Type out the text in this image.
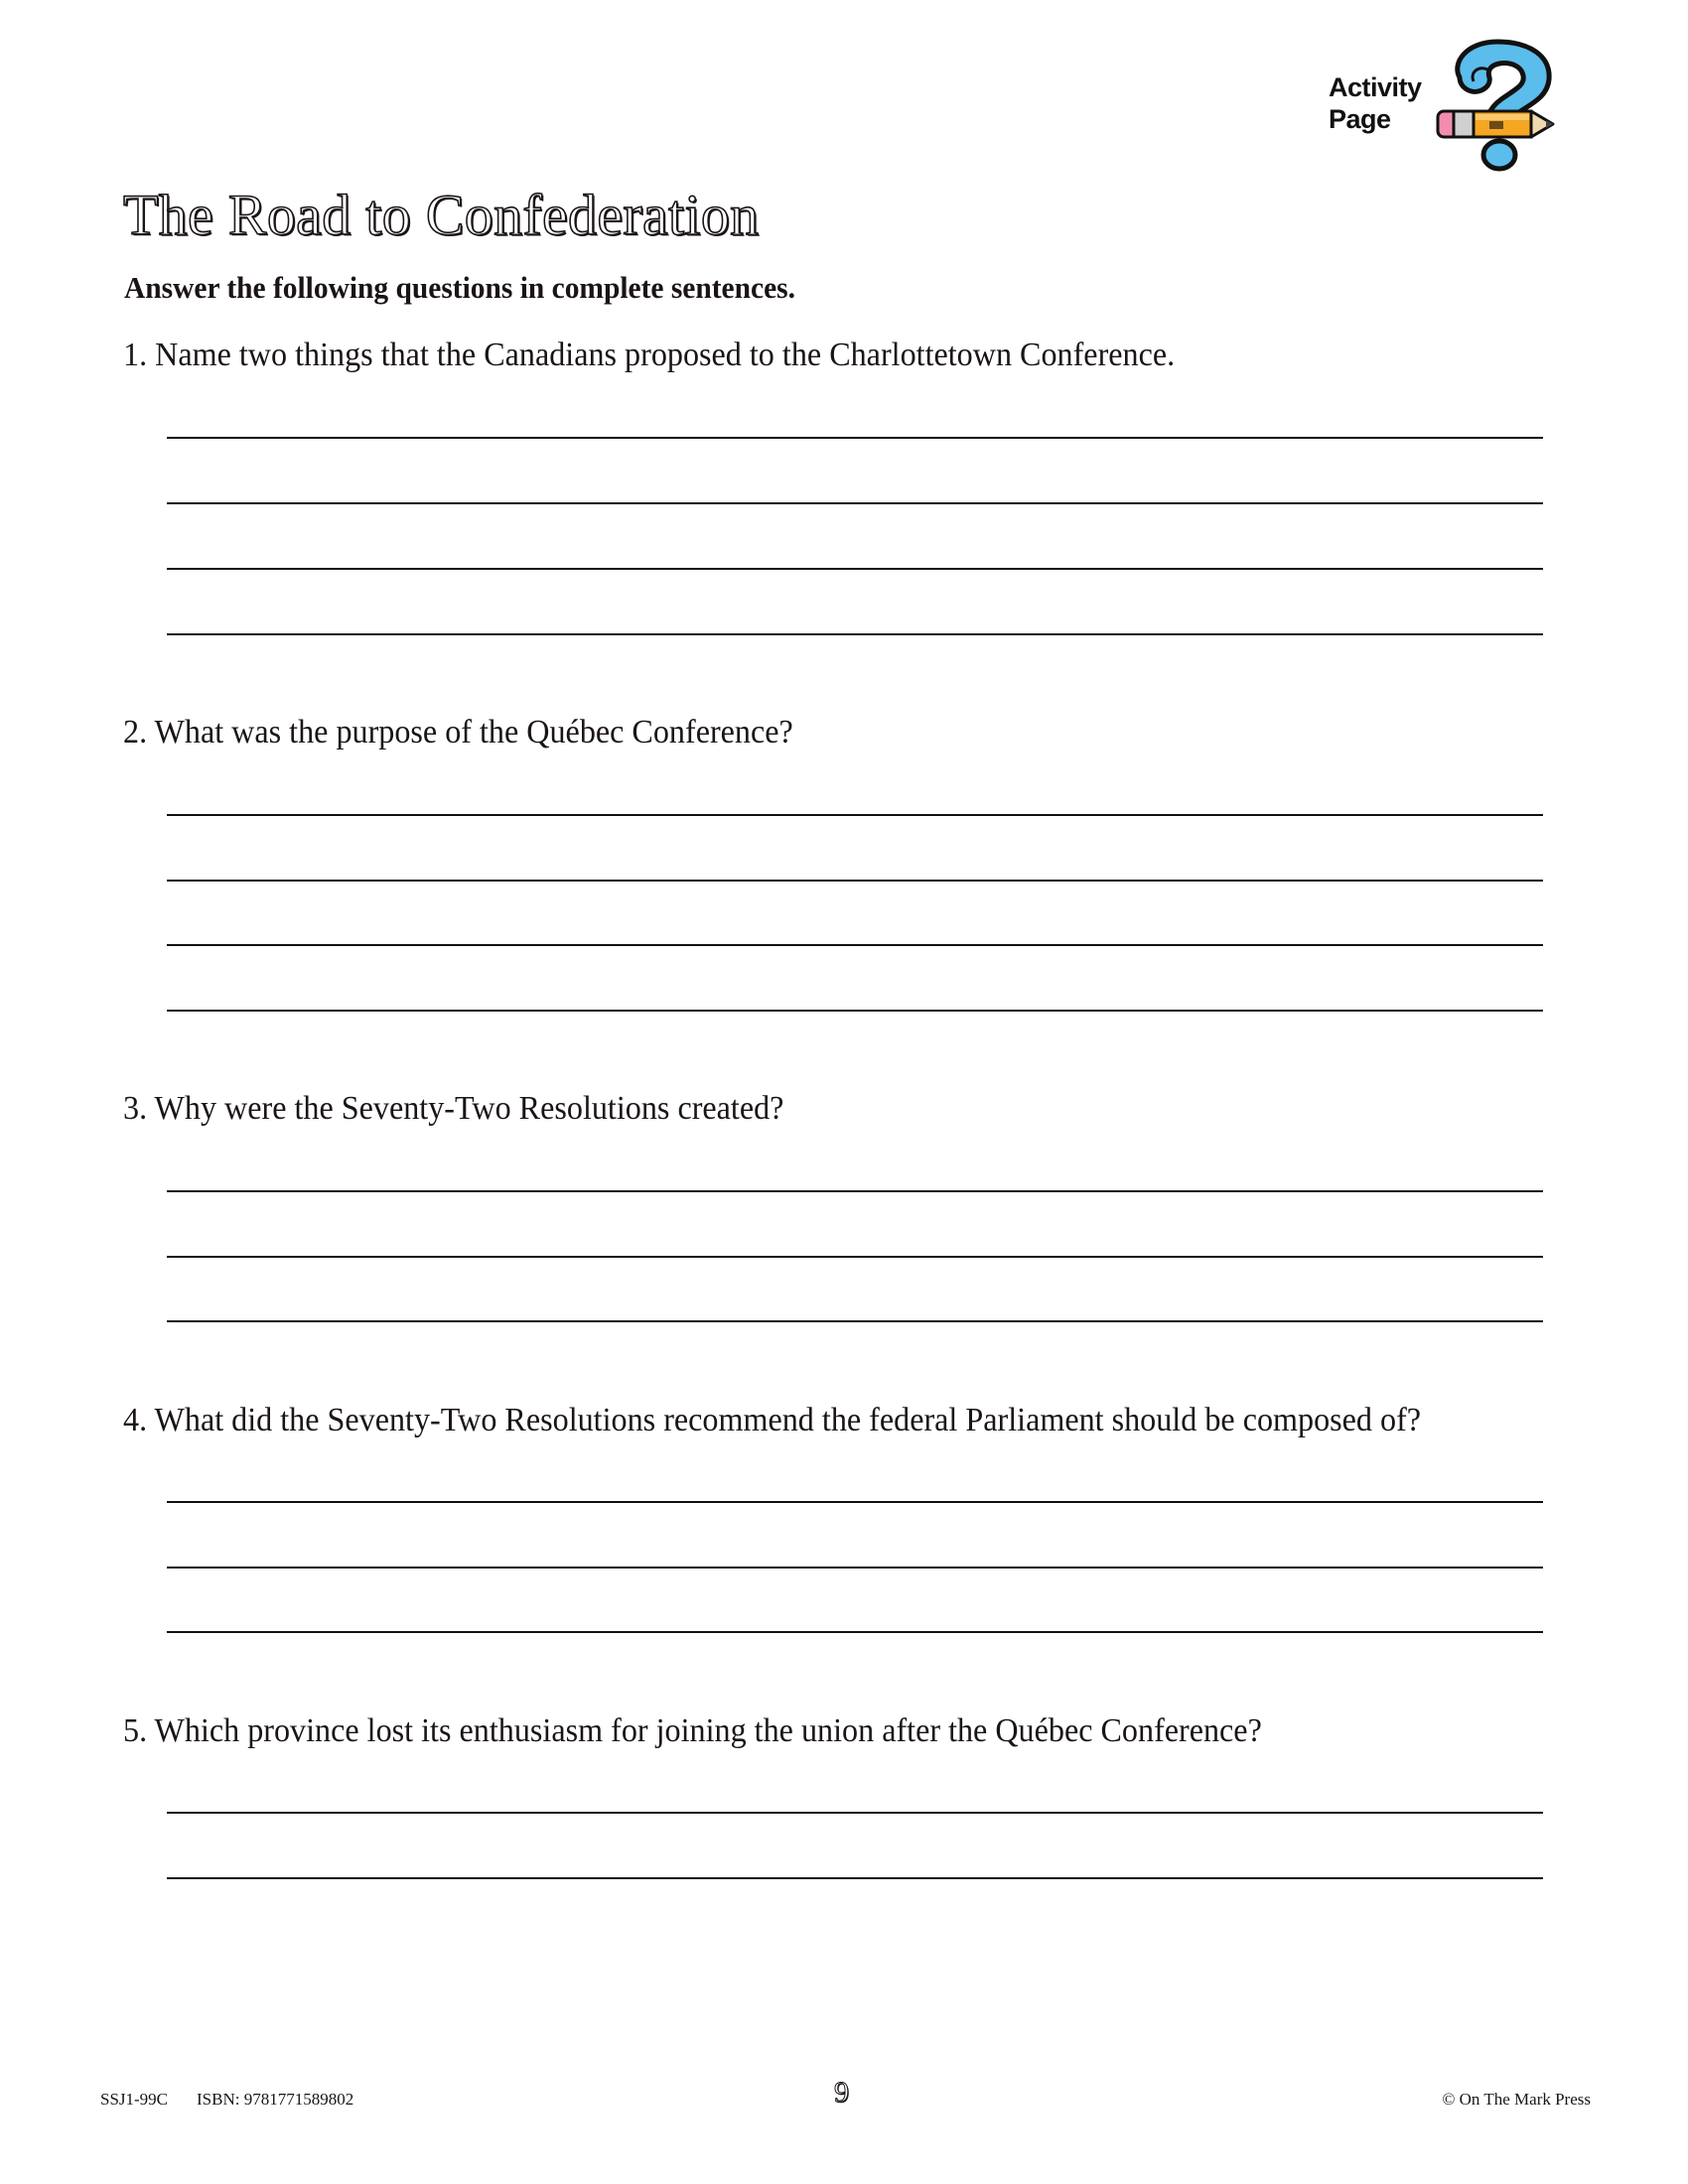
Activity
Page
The Road to Confederation
Answer the following questions in complete sentences.
1. Name two things that the Canadians proposed to the Charlottetown Conference.
2. What was the purpose of the Québec Conference?
3. Why were the Seventy-Two Resolutions created?
4. What did the Seventy-Two Resolutions recommend the federal Parliament should be composed of?
5. Which province lost its enthusiasm for joining the union after the Québec Conference?
SSJ1-99C ISBN: 9781771589802	9	© On The Mark Press
